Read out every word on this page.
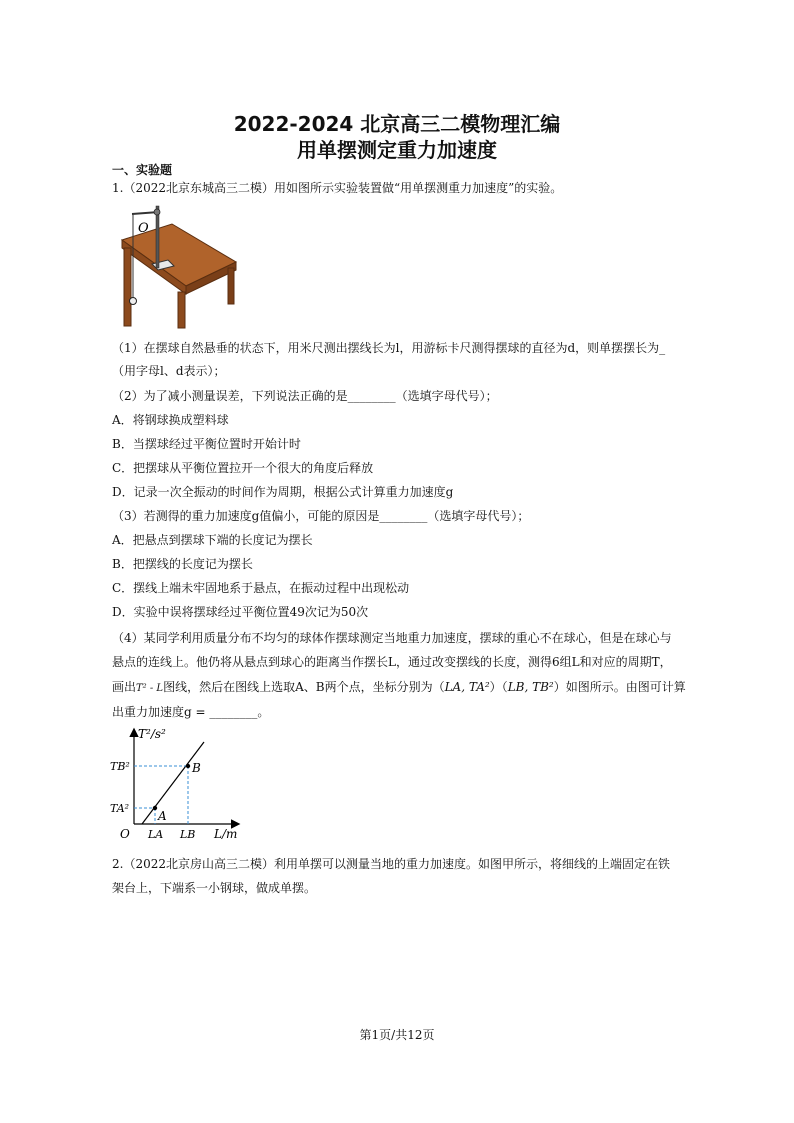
2022-2024 北京高三二模物理汇编
用单摆测定重力加速度
一、实验题
1.（2022北京东城高三二模）用如图所示实验装置做“用单摆测重力加速度”的实验。
O
（1）在摆球自然悬垂的状态下，用米尺测出摆线长为l，用游标卡尺测得摆球的直径为d，则单摆摆长为_
（用字母l、d表示）；
（2）为了减小测量误差，下列说法正确的是________（选填字母代号）；
A．将钢球换成塑料球
B．当摆球经过平衡位置时开始计时
C．把摆球从平衡位置拉开一个很大的角度后释放
D．记录一次全振动的时间作为周期，根据公式计算重力加速度g
（3）若测得的重力加速度g值偏小，可能的原因是________（选填字母代号）；
A．把悬点到摆球下端的长度记为摆长
B．把摆线的长度记为摆长
C．摆线上端未牢固地系于悬点，在振动过程中出现松动
D．实验中误将摆球经过平衡位置49次记为50次
（4）某同学利用质量分布不均匀的球体作摆球测定当地重力加速度，摆球的重心不在球心，但是在球心与
悬点的连线上。他仍将从悬点到球心的距离当作摆长L，通过改变摆线的长度，测得6组L和对应的周期T，
画出T² - L图线，然后在图线上选取A、B两个点，坐标分别为（LA, TA²）（LB, TB²）如图所示。由图可计算
出重力加速度g = ________。
T²/s²
L/m
O
TB²
TA²
LA LB
A
B
2.（2022北京房山高三二模）利用单摆可以测量当地的重力加速度。如图甲所示，将细线的上端固定在铁
架台上，下端系一小钢球，做成单摆。
第1页/共12页
